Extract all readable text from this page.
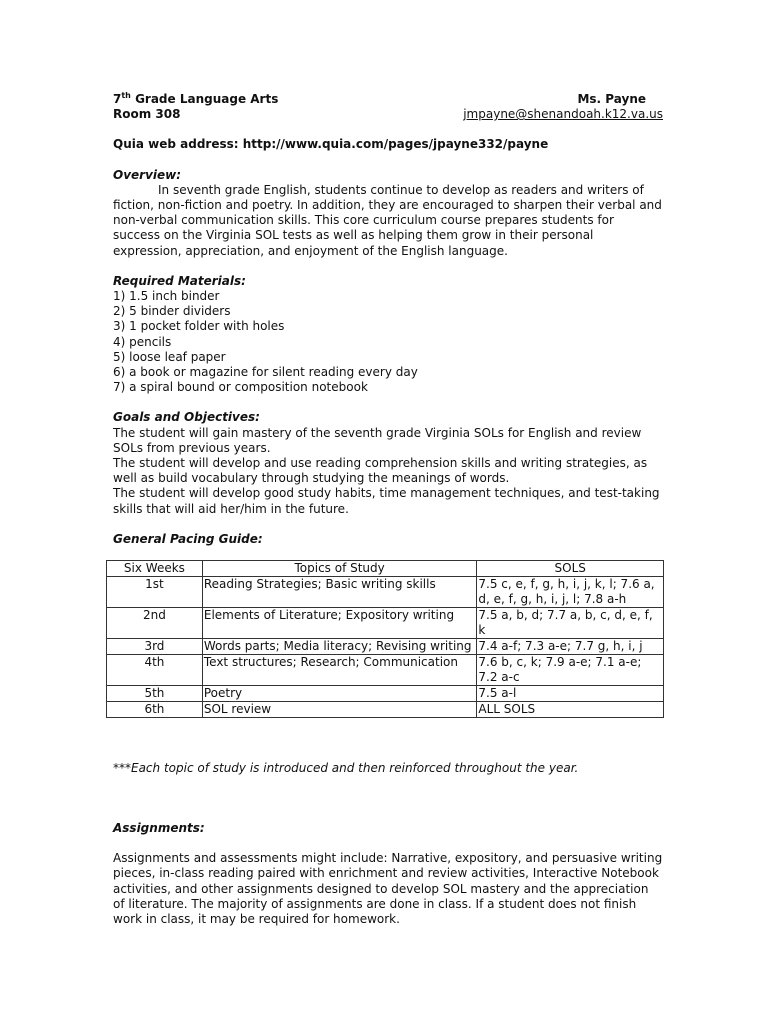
7th Grade Language Arts	Ms. Payne
Room 308	jmpayne@shenandoah.k12.va.us

Quia web address: http://www.quia.com/pages/jpayne332/payne

Overview:

In seventh grade English, students continue to develop as readers and writers of fiction, non-fiction and poetry. In addition, they are encouraged to sharpen their verbal and non-verbal communication skills. This core curriculum course prepares students for success on the Virginia SOL tests as well as helping them grow in their personal expression, appreciation, and enjoyment of the English language.

Required Materials:

1) 1.5 inch binder

2) 5 binder dividers

3) 1 pocket folder with holes

4) pencils

5) loose leaf paper

6) a book or magazine for silent reading every day

7) a spiral bound or composition notebook

Goals and Objectives:

The student will gain mastery of the seventh grade Virginia SOLs for English and review SOLs from previous years.

The student will develop and use reading comprehension skills and writing strategies, as well as build vocabulary through studying the meanings of words.

The student will develop good study habits, time management techniques, and test-taking skills that will aid her/him in the future.

General Pacing Guide:

Six Weeks	Topics of Study	SOLS
1st	Reading Strategies; Basic writing skills	7.5 c, e, f, g, h, i, j, k, l; 7.6 a, d, e, f, g, h, i, j, l; 7.8 a-h
2nd	Elements of Literature; Expository writing	7.5 a, b, d; 7.7 a, b, c, d, e, f, k
3rd	Words parts; Media literacy; Revising writing	7.4 a-f; 7.3 a-e; 7.7 g, h, i, j
4th	Text structures; Research; Communication	7.6 b, c, k; 7.9 a-e; 7.1 a-e; 7.2 a-c
5th	Poetry	7.5 a-l
6th	SOL review	ALL SOLS

***Each topic of study is introduced and then reinforced throughout the year.

Assignments:

Assignments and assessments might include: Narrative, expository, and persuasive writing pieces, in-class reading paired with enrichment and review activities, Interactive Notebook activities, and other assignments designed to develop SOL mastery and the appreciation of literature. The majority of assignments are done in class. If a student does not finish work in class, it may be required for homework.
